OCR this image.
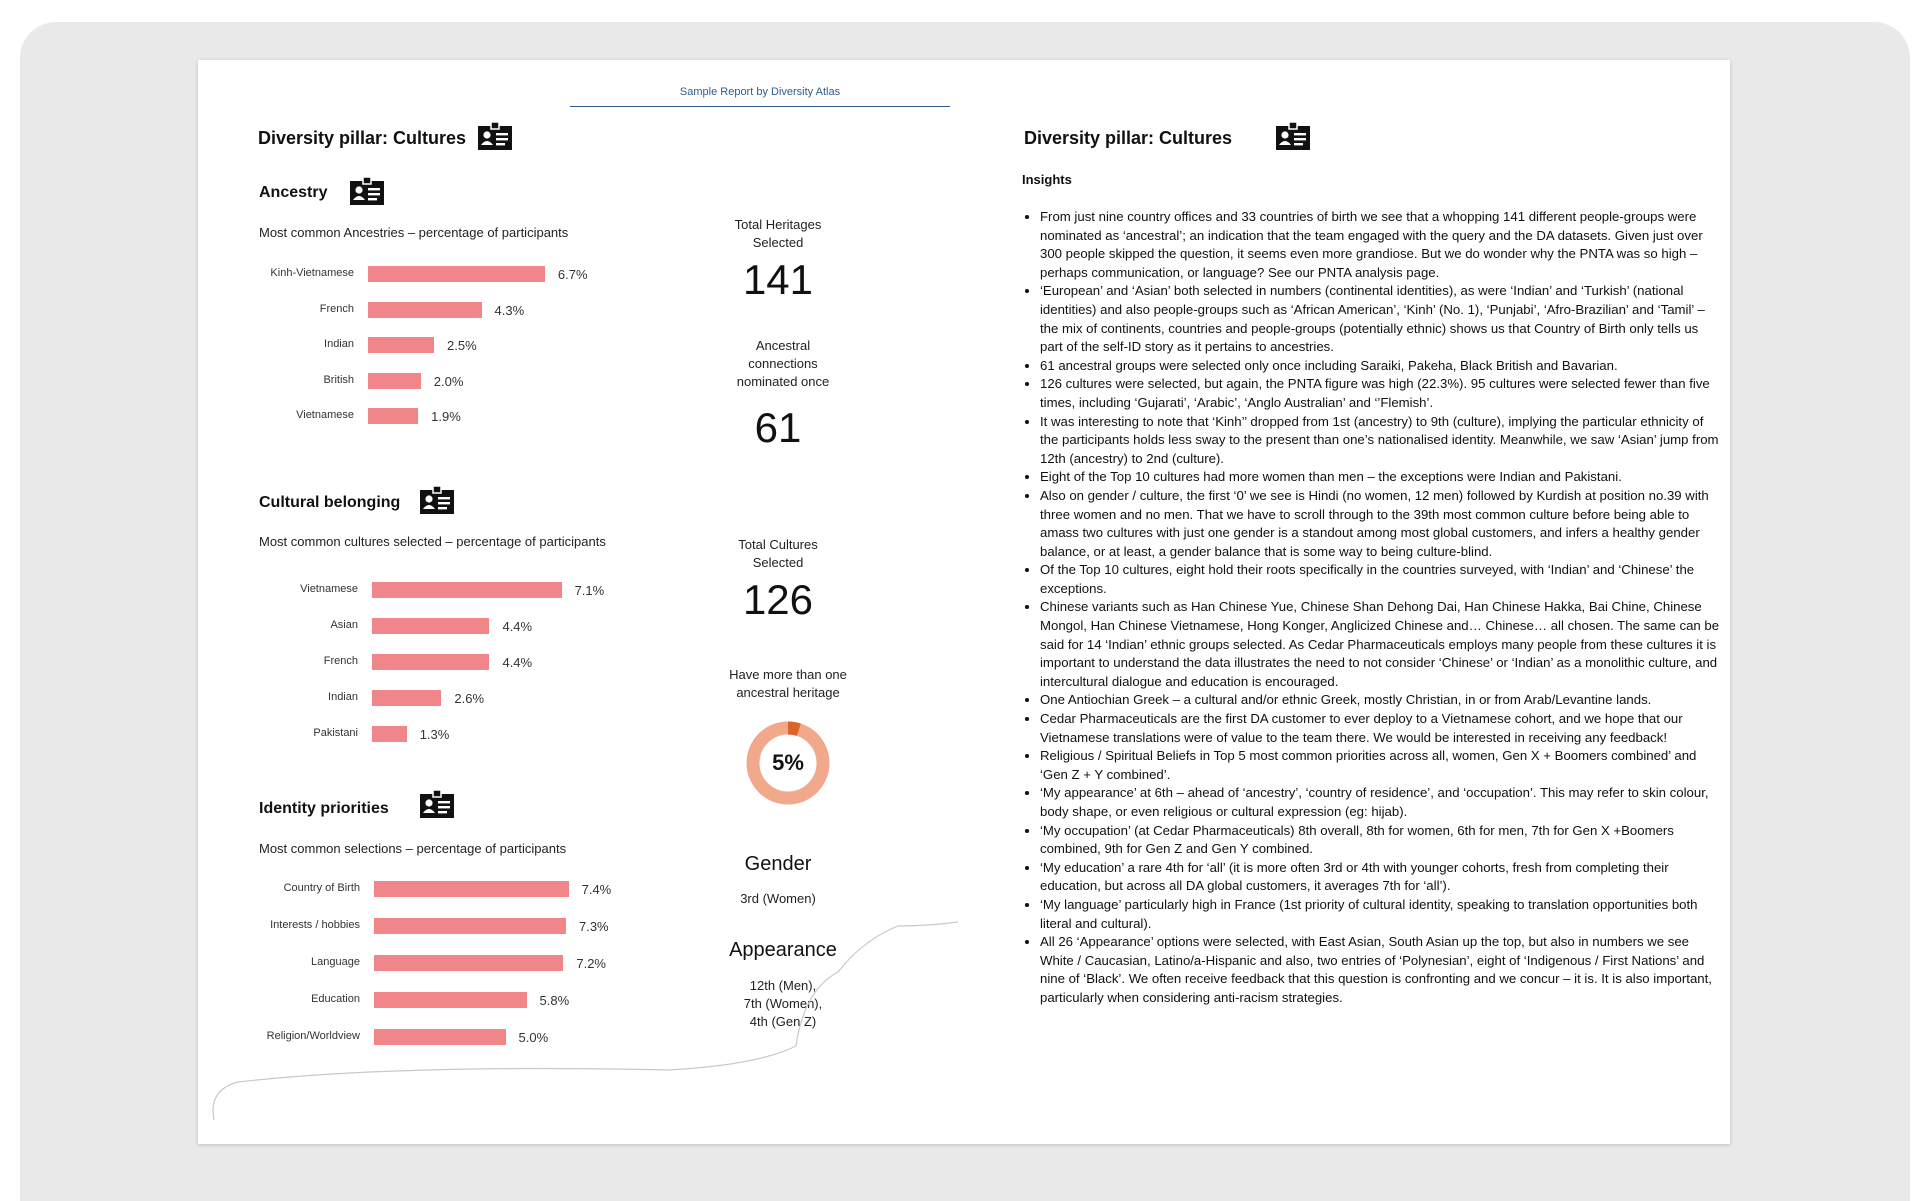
Sample Report by Diversity Atlas
Diversity pillar: Cultures
Ancestry
Most common Ancestries – percentage of participants
Kinh-Vietnamese	6.7%
French	4.3%
Indian	2.5%
British	2.0%
Vietnamese	1.9%
Cultural belonging
Most common cultures selected – percentage of participants
Vietnamese	7.1%
Asian	4.4%
French	4.4%
Indian	2.6%
Pakistani	1.3%
Identity priorities
Most common selections – percentage of participants
Country of Birth	7.4%
Interests / hobbies	7.3%
Language	7.2%
Education	5.8%
Religion/Worldview	5.0%
Total Heritages Selected
141
Ancestral connections nominated once
61
Total Cultures Selected
126
Have more than one ancestral heritage
5%
Gender
3rd (Women)
Appearance
12th (Men),
7th (Women),
4th (Gen Z)
Diversity pillar: Cultures
Insights
• From just nine country offices and 33 countries of birth we see that a whopping 141 different people-groups were nominated as ‘ancestral’; an indication that the team engaged with the query and the DA datasets. Given just over 300 people skipped the question, it seems even more grandiose. But we do wonder why the PNTA was so high – perhaps communication, or language? See our PNTA analysis page.
• ‘European’ and ‘Asian’ both selected in numbers (continental identities), as were ‘Indian’ and ‘Turkish’ (national identities) and also people-groups such as ‘African American’, ‘Kinh’ (No. 1), ‘Punjabi’, ‘Afro-Brazilian’ and ‘Tamil’ – the mix of continents, countries and people-groups (potentially ethnic) shows us that Country of Birth only tells us part of the self-ID story as it pertains to ancestries.
• 61 ancestral groups were selected only once including Saraiki, Pakeha, Black British and Bavarian.
• 126 cultures were selected, but again, the PNTA figure was high (22.3%). 95 cultures were selected fewer than five times, including ‘Gujarati’, ‘Arabic’, ‘Anglo Australian’ and ‘’Flemish’.
• It was interesting to note that ‘Kinh’’ dropped from 1st (ancestry) to 9th (culture), implying the particular ethnicity of the participants holds less sway to the present than one’s nationalised identity. Meanwhile, we saw ‘Asian’ jump from 12th (ancestry) to 2nd (culture).
• Eight of the Top 10 cultures had more women than men – the exceptions were Indian and Pakistani.
• Also on gender / culture, the first ‘0’ we see is Hindi (no women, 12 men) followed by Kurdish at position no.39 with three women and no men. That we have to scroll through to the 39th most common culture before being able to amass two cultures with just one gender is a standout among most global customers, and infers a healthy gender balance, or at least, a gender balance that is some way to being culture-blind.
• Of the Top 10 cultures, eight hold their roots specifically in the countries surveyed, with ‘Indian’ and ‘Chinese’ the exceptions.
• Chinese variants such as Han Chinese Yue, Chinese Shan Dehong Dai, Han Chinese Hakka, Bai Chine, Chinese Mongol, Han Chinese Vietnamese, Hong Konger, Anglicized Chinese and… Chinese… all chosen. The same can be said for 14 ‘Indian’ ethnic groups selected. As Cedar Pharmaceuticals employs many people from these cultures it is important to understand the data illustrates the need to not consider ‘Chinese’ or ‘Indian’ as a monolithic culture, and intercultural dialogue and education is encouraged.
• One Antiochian Greek – a cultural and/or ethnic Greek, mostly Christian, in or from Arab/Levantine lands.
• Cedar Pharmaceuticals are the first DA customer to ever deploy to a Vietnamese cohort, and we hope that our Vietnamese translations were of value to the team there. We would be interested in receiving any feedback!
• Religious / Spiritual Beliefs in Top 5 most common priorities across all, women, Gen X + Boomers combined’ and ‘Gen Z + Y combined’.
• ‘My appearance’ at 6th – ahead of ‘ancestry’, ‘country of residence’, and ‘occupation’. This may refer to skin colour, body shape, or even religious or cultural expression (eg: hijab).
• ‘My occupation’ (at Cedar Pharmaceuticals) 8th overall, 8th for women, 6th for men, 7th for Gen X +Boomers combined, 9th for Gen Z and Gen Y combined.
• ‘My education’ a rare 4th for ‘all’ (it is more often 3rd or 4th with younger cohorts, fresh from completing their education, but across all DA global customers, it averages 7th for ‘all’).
• ‘My language’ particularly high in France (1st priority of cultural identity, speaking to translation opportunities both literal and cultural).
• All 26 ‘Appearance’ options were selected, with East Asian, South Asian up the top, but also in numbers we see White / Caucasian, Latino/a-Hispanic and also, two entries of ‘Polynesian’, eight of ‘Indigenous / First Nations’ and nine of ‘Black’. We often receive feedback that this question is confronting and we concur – it is. It is also important, particularly when considering anti-racism strategies.
